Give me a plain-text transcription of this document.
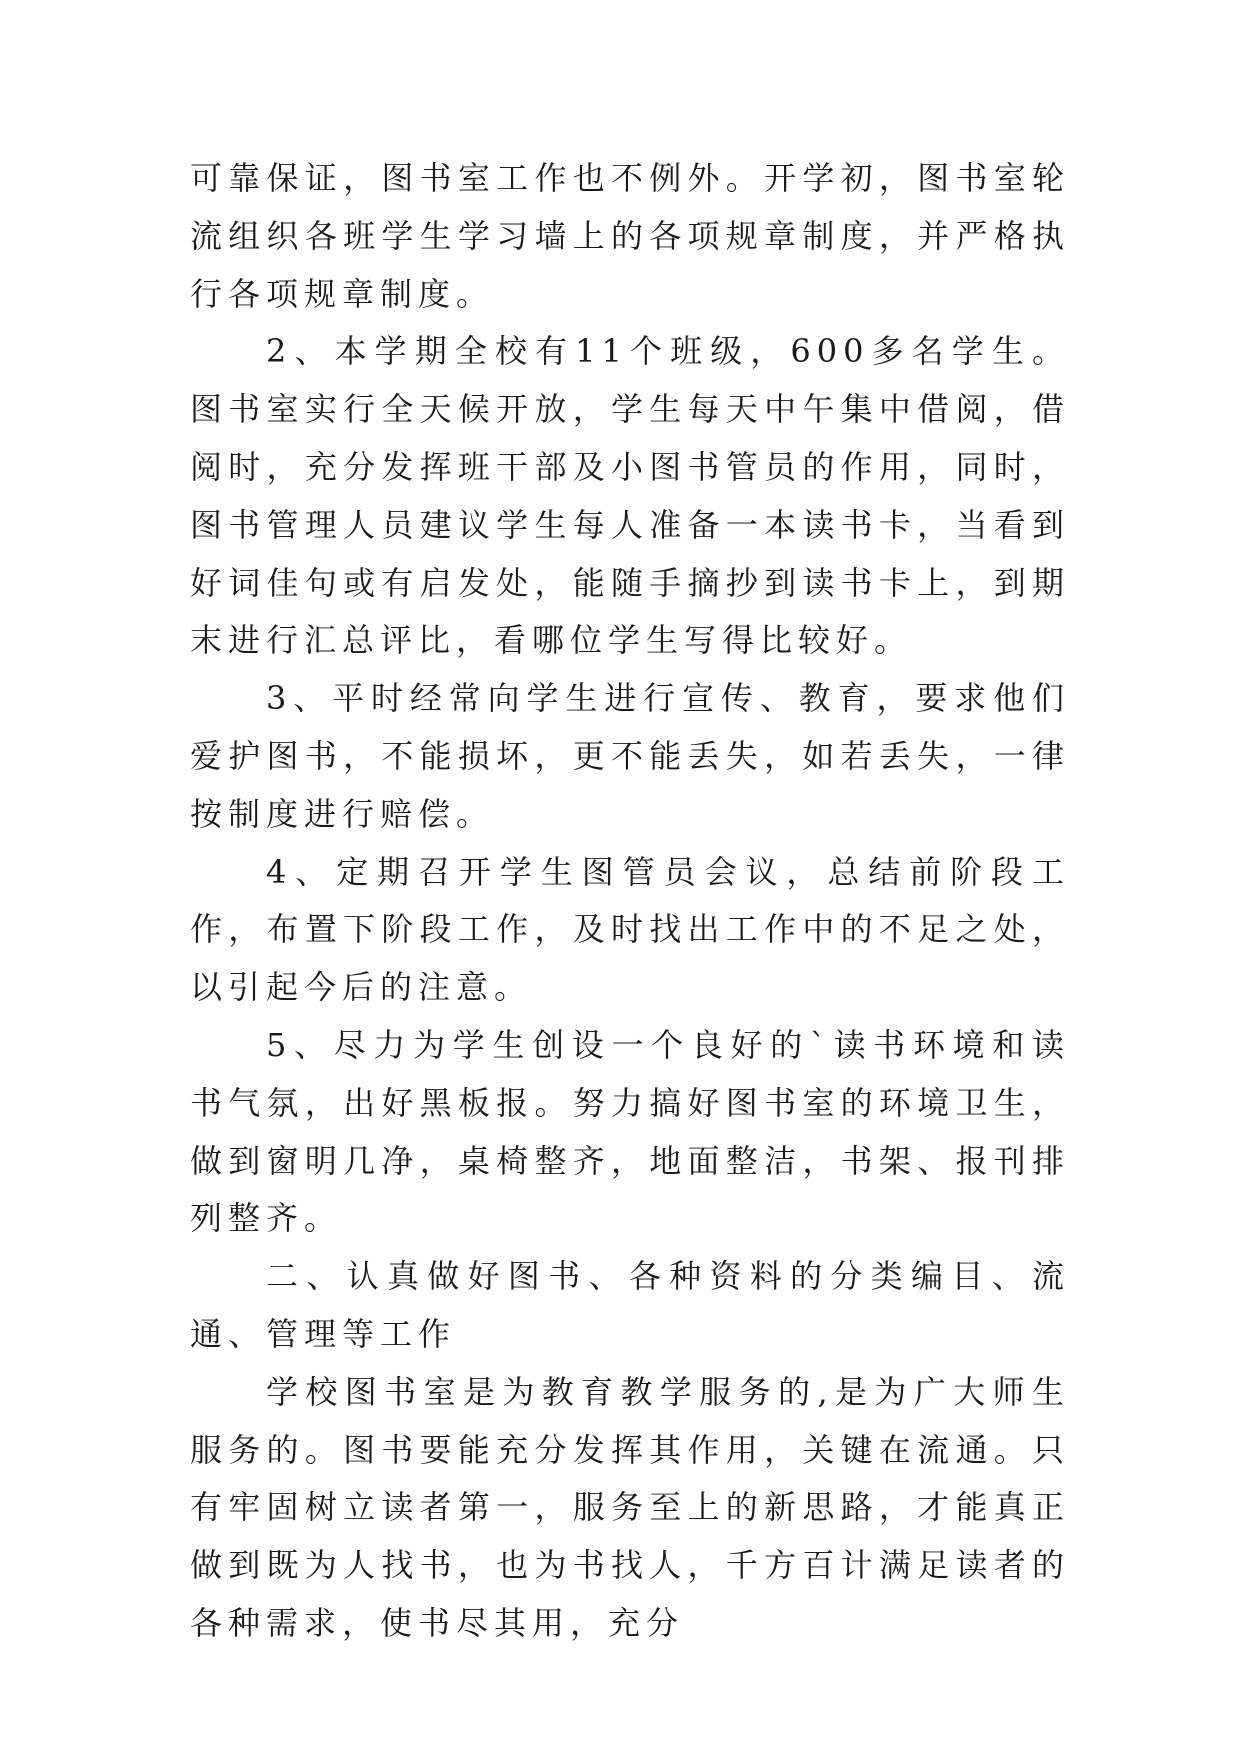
可靠保证，图书室工作也不例外。开学初，图书室轮流组织各班学生学习墙上的各项规章制度，并严格执行各项规章制度。

2、本学期全校有11个班级，600多名学生。图书室实行全天候开放，学生每天中午集中借阅，借阅时，充分发挥班干部及小图书管员的作用，同时，图书管理人员建议学生每人准备一本读书卡，当看到好词佳句或有启发处，能随手摘抄到读书卡上，到期末进行汇总评比，看哪位学生写得比较好。

3、平时经常向学生进行宣传、教育，要求他们爱护图书，不能损坏，更不能丢失，如若丢失，一律按制度进行赔偿。

4、定期召开学生图管员会议，总结前阶段工作，布置下阶段工作，及时找出工作中的不足之处，以引起今后的注意。

5、尽力为学生创设一个良好的`读书环境和读书气氛，出好黑板报。努力搞好图书室的环境卫生，做到窗明几净，桌椅整齐，地面整洁，书架、报刊排列整齐。

二、认真做好图书、各种资料的分类编目、流通、管理等工作

学校图书室是为教育教学服务的,是为广大师生服务的。图书要能充分发挥其作用，关键在流通。只有牢固树立读者第一，服务至上的新思路，才能真正做到既为人找书，也为书找人，千方百计满足读者的各种需求，使书尽其用，充分
